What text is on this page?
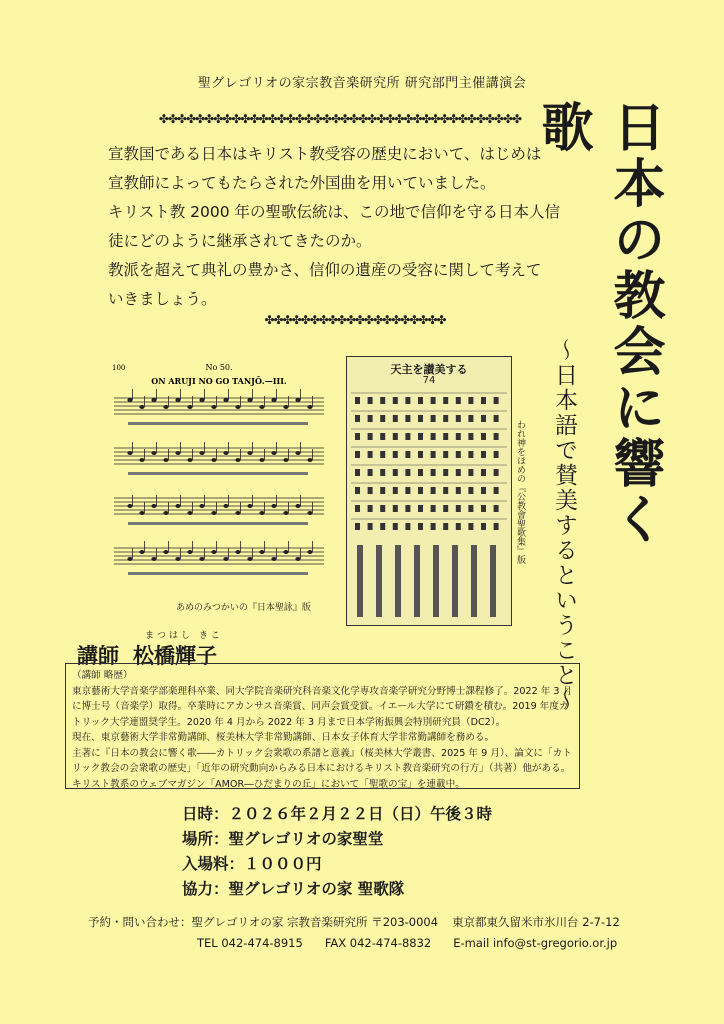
聖グレゴリオの家宗教音楽研究所 研究部門主催講演会
✤✤✤✤✤✤✤✤✤✤✤✤✤✤✤✤✤✤✤✤✤✤✤✤✤✤✤✤✤✤✤✤✤✤✤✤✤✤✤✤

宣教国である日本はキリスト教受容の歴史において、はじめは

宣教師によってもたらされた外国曲を用いていました。

キリスト教 2000 年の聖歌伝統は、この地で信仰を守る日本人信

徒にどのように継承されてきたのか。

教派を超えて典礼の豊かさ、信仰の遺産の受容に関して考えて

いきましょう。

✤✤✤✤✤✤✤✤✤✤✤✤✤✤✤✤✤✤✤✤	日本の教会に響く歌
〜日本語で賛美するということ〜
100	No 50.
ON ARUJI NO GO TANJŌ.—III.
あめのみつかいの『日本聖詠』版
天主を讃美する
74
われ神をほめの『公教會聖歌集』版
まつはし きこ
講師 松橋輝子

（講師 略歴）

東京藝術大学音楽学部楽理科卒業、同大学院音楽研究科音楽文化学専攻音楽学研究分野博士課程修了。2022 年 3 月に博士号（音楽学）取得。卒業時にアカンサス音楽賞、同声会賞受賞。イエール大学にて研鑽を積む。2019 年度カトリック大学連盟奨学生。2020 年 4 月から 2022 年 3 月まで日本学術振興会特別研究員（DC2）。

現在、東京藝術大学非常勤講師、桜美林大学非常勤講師、日本女子体育大学非常勤講師を務める。

主著に『日本の教会に響く歌――カトリック会衆歌の系譜と意義』（桜美林大学叢書、2025 年 9 月）、論文に「カトリック教会の会衆歌の歴史」「近年の研究動向からみる日本におけるキリスト教音楽研究の行方」（共著）他がある。キリスト教系のウェブマガジン「AMOR―ひだまりの丘」において「聖歌の宝」を連載中。

日時：２０２６年２月２２日（日）午後３時
場所：聖グレゴリオの家聖堂
入場料：１０００円
協力：聖グレゴリオの家 聖歌隊
予約・問い合わせ：聖グレゴリオの家 宗教音楽研究所 〒203-0004 東京都東久留米市氷川台 2-7-12
TEL 042-474-8915 FAX 042-474-8832 E-mail info@st-gregorio.or.jp
